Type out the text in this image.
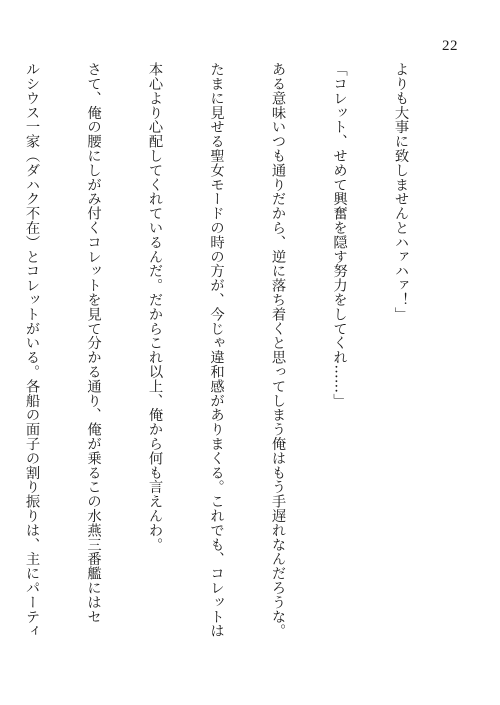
22

よりも大事に致しませんとハァハァ！」

「コレット、せめて興奮を隠す努力をしてくれ……」

ある意味いつも通りだから、逆に落ち着くと思ってしまう俺はもう手遅れなんだろうな。

たまに見せる聖女モードの時の方が、今じゃ違和感がありまくる。これでも、コレットは

本心より心配してくれているんだ。だからこれ以上、俺から何も言えんわ。

さて、俺の腰にしがみ付くコレットを見て分かる通り、俺が乗るこの水燕三番艦にはセ

ルシウス一家（ダハク不在）とコレットがいる。各船の面子の割り振りは、主にパーティ
